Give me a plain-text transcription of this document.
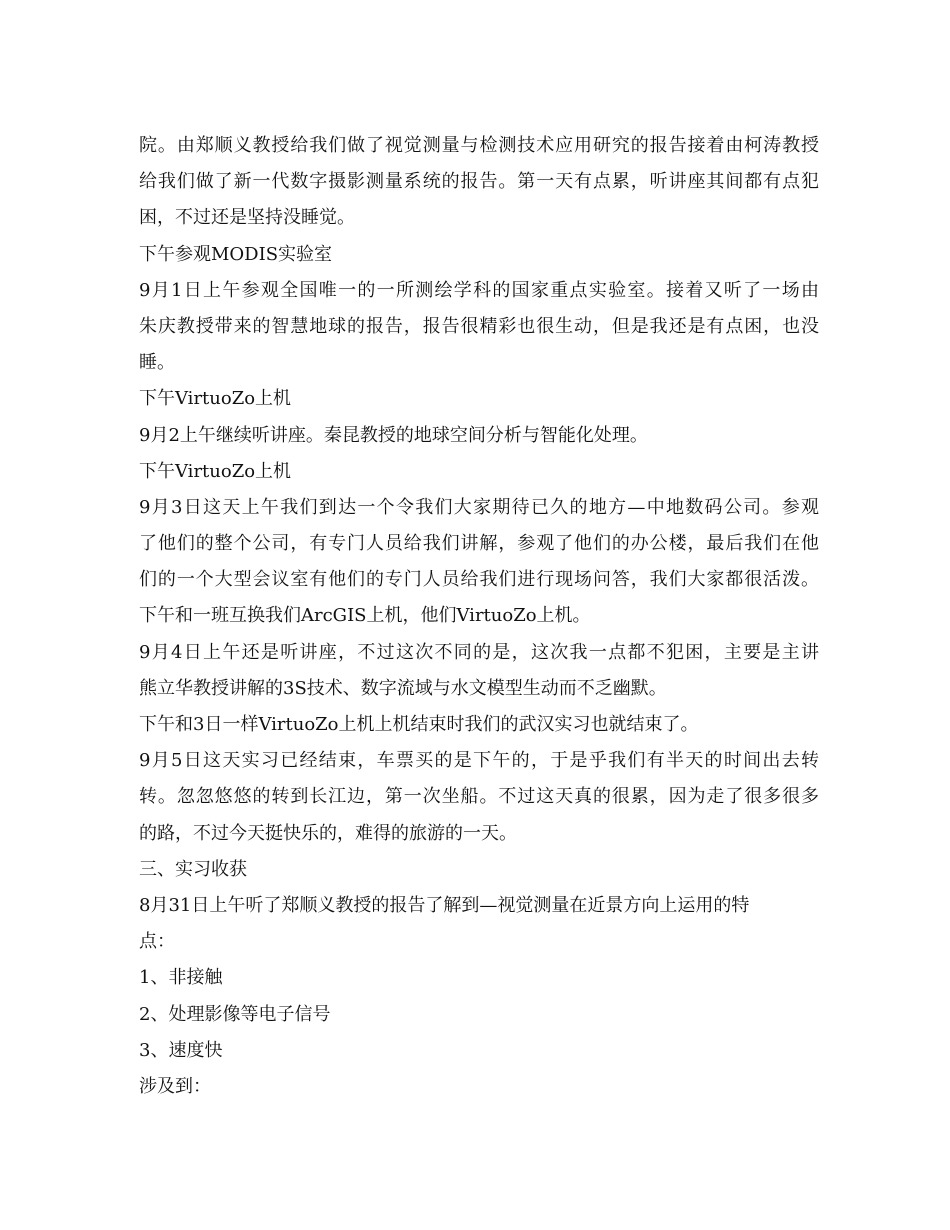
院。由郑顺义教授给我们做了视觉测量与检测技术应用研究的报告接着由柯涛教授
给我们做了新一代数字摄影测量系统的报告。第一天有点累，听讲座其间都有点犯
困，不过还是坚持没睡觉。
下午参观MODIS实验室
9月1日上午参观全国唯一的一所测绘学科的国家重点实验室。接着又听了一场由
朱庆教授带来的智慧地球的报告，报告很精彩也很生动，但是我还是有点困，也没
睡。
下午VirtuoZo上机
9月2上午继续听讲座。秦昆教授的地球空间分析与智能化处理。
下午VirtuoZo上机
9月3日这天上午我们到达一个令我们大家期待已久的地方—中地数码公司。参观
了他们的整个公司，有专门人员给我们讲解，参观了他们的办公楼，最后我们在他
们的一个大型会议室有他们的专门人员给我们进行现场问答，我们大家都很活泼。
下午和一班互换我们ArcGIS上机，他们VirtuoZo上机。
9月4日上午还是听讲座，不过这次不同的是，这次我一点都不犯困，主要是主讲
熊立华教授讲解的3S技术、数字流域与水文模型生动而不乏幽默。
下午和3日一样VirtuoZo上机上机结束时我们的武汉实习也就结束了。
9月5日这天实习已经结束，车票买的是下午的，于是乎我们有半天的时间出去转
转。忽忽悠悠的转到长江边，第一次坐船。不过这天真的很累，因为走了很多很多
的路，不过今天挺快乐的，难得的旅游的一天。
三、实习收获
8月31日上午听了郑顺义教授的报告了解到—视觉测量在近景方向上运用的特
点：
1、非接触
2、处理影像等电子信号
3、速度快
涉及到：
